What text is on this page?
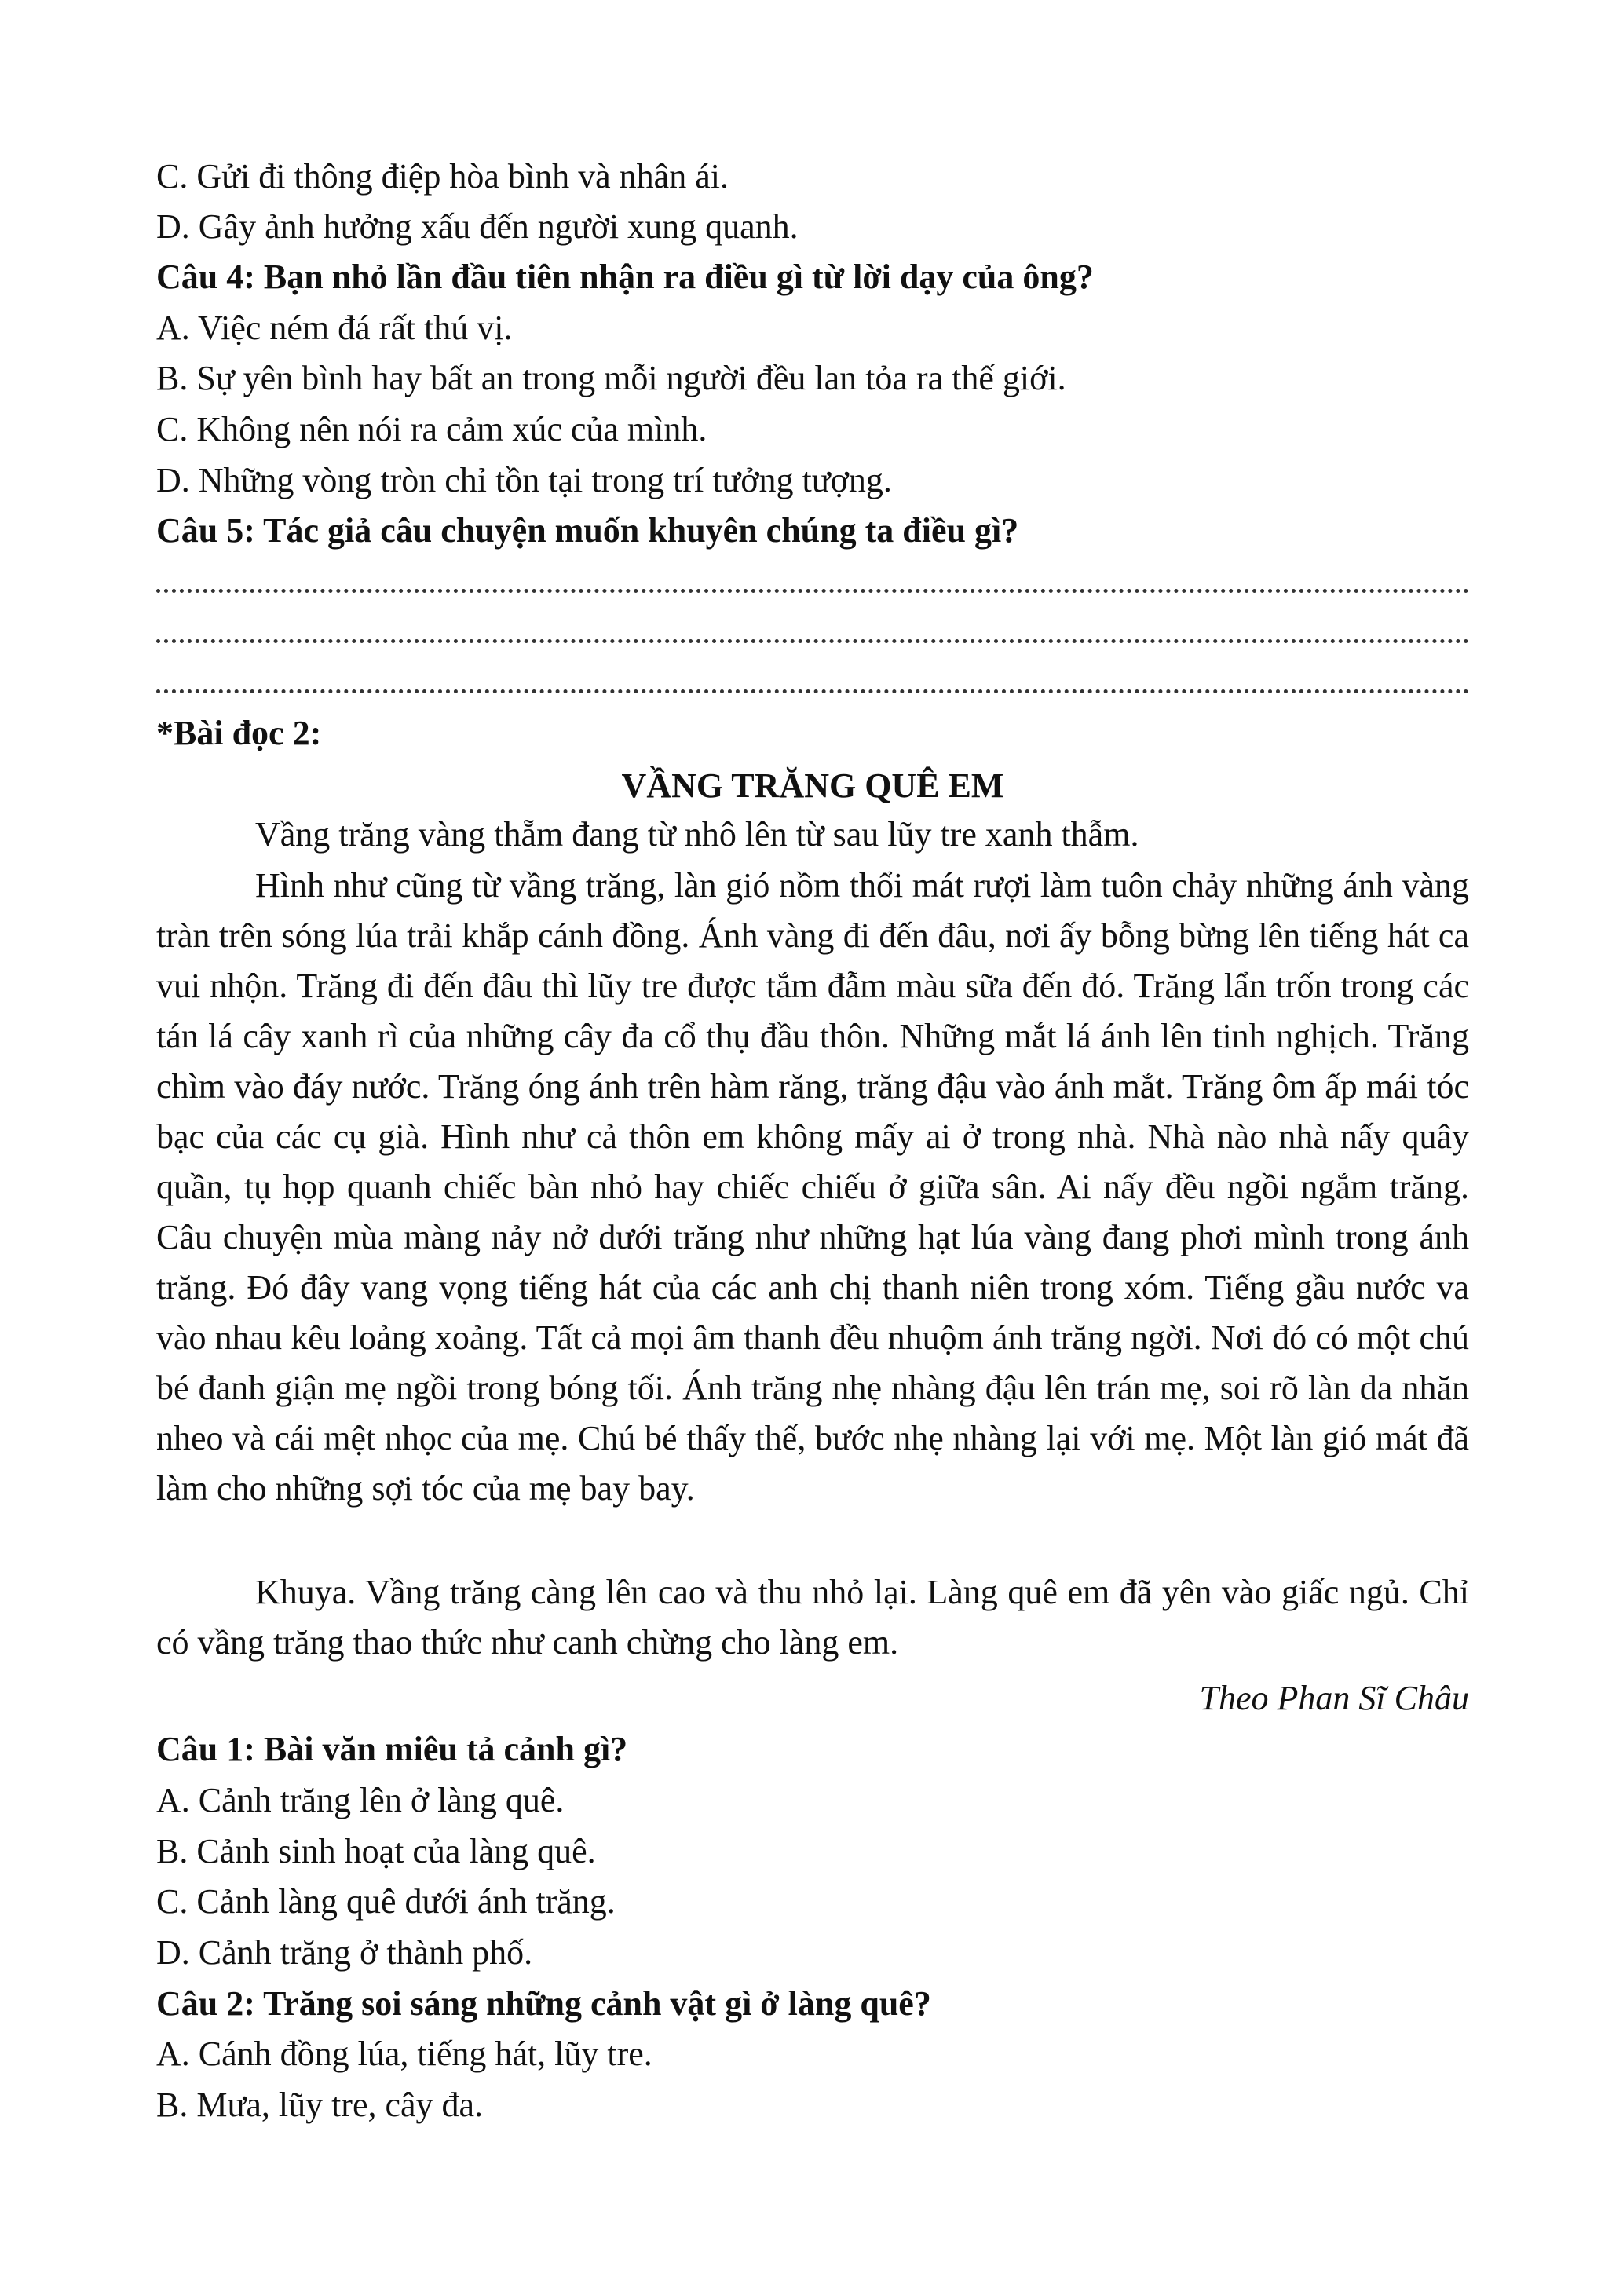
C. Gửi đi thông điệp hòa bình và nhân ái.
D. Gây ảnh hưởng xấu đến người xung quanh.
Câu 4: Bạn nhỏ lần đầu tiên nhận ra điều gì từ lời dạy của ông?
A. Việc ném đá rất thú vị.
B. Sự yên bình hay bất an trong mỗi người đều lan tỏa ra thế giới.
C. Không nên nói ra cảm xúc của mình.
D. Những vòng tròn chỉ tồn tại trong trí tưởng tượng.
Câu 5: Tác giả câu chuyện muốn khuyên chúng ta điều gì?
*Bài đọc 2:
VẦNG TRĂNG QUÊ EM
Vầng trăng vàng thẵm đang từ nhô lên từ sau lũy tre xanh thẫm.
Hình như cũng từ vầng trăng, làn gió nồm thổi mát rượi làm tuôn chảy những ánh vàng tràn trên sóng lúa trải khắp cánh đồng. Ánh vàng đi đến đâu, nơi ấy bỗng bừng lên tiếng hát ca vui nhộn. Trăng đi đến đâu thì lũy tre được tắm đẫm màu sữa đến đó. Trăng lẩn trốn trong các tán lá cây xanh rì của những cây đa cổ thụ đầu thôn. Những mắt lá ánh lên tinh nghịch. Trăng chìm vào đáy nước. Trăng óng ánh trên hàm răng, trăng đậu vào ánh mắt. Trăng ôm ấp mái tóc bạc của các cụ già. Hình như cả thôn em không mấy ai ở trong nhà. Nhà nào nhà nấy quây quần, tụ họp quanh chiếc bàn nhỏ hay chiếc chiếu ở giữa sân. Ai nấy đều ngồi ngắm trăng. Câu chuyện mùa màng nảy nở dưới trăng như những hạt lúa vàng đang phơi mình trong ánh trăng. Đó đây vang vọng tiếng hát của các anh chị thanh niên trong xóm. Tiếng gầu nước va vào nhau kêu loảng xoảng. Tất cả mọi âm thanh đều nhuộm ánh trăng ngời. Nơi đó có một chú bé đanh giận mẹ ngồi trong bóng tối. Ánh trăng nhẹ nhàng đậu lên trán mẹ, soi rõ làn da nhăn nheo và cái mệt nhọc của mẹ. Chú bé thấy thế, bước nhẹ nhàng lại với mẹ. Một làn gió mát đã làm cho những sợi tóc của mẹ bay bay.
Khuya. Vầng trăng càng lên cao và thu nhỏ lại. Làng quê em đã yên vào giấc ngủ. Chỉ có vầng trăng thao thức như canh chừng cho làng em.
Theo Phan Sĩ Châu
Câu 1: Bài văn miêu tả cảnh gì?
A. Cảnh trăng lên ở làng quê.
B. Cảnh sinh hoạt của làng quê.
C. Cảnh làng quê dưới ánh trăng.
D. Cảnh trăng ở thành phố.
Câu 2: Trăng soi sáng những cảnh vật gì ở làng quê?
A. Cánh đồng lúa, tiếng hát, lũy tre.
B. Mưa, lũy tre, cây đa.
